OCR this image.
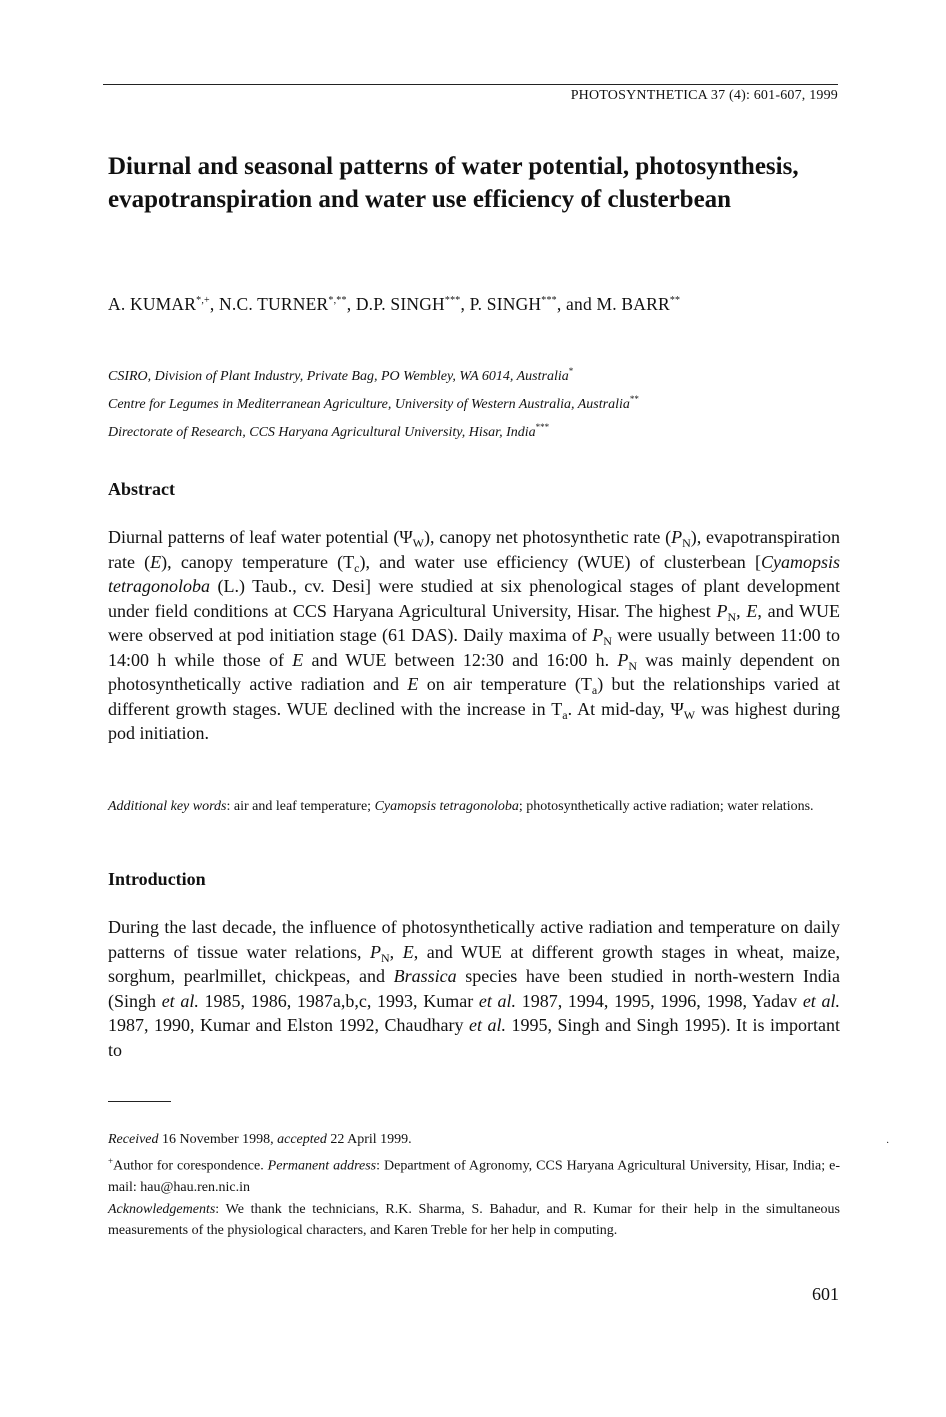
PHOTOSYNTHETICA 37 (4): 601-607, 1999
Diurnal and seasonal patterns of water potential, photosynthesis, evapotranspiration and water use efficiency of clusterbean
A. KUMAR*,+, N.C. TURNER*,**, D.P. SINGH***, P. SINGH***, and M. BARR**
CSIRO, Division of Plant Industry, Private Bag, PO Wembley, WA 6014, Australia*
Centre for Legumes in Mediterranean Agriculture, University of Western Australia, Australia**
Directorate of Research, CCS Haryana Agricultural University, Hisar, India***
Abstract

Diurnal patterns of leaf water potential $(\Psi_W)$, canopy net photosynthetic rate $(P_N)$, evapotranspiration rate (E), canopy temperature $(T_c)$, and water use efficiency (WUE) of clusterbean [Cyamopsis tetragonoloba (L.) Taub., cv. Desi] were studied at six phenological stages of plant development under field conditions at CCS Haryana Agricultural University, Hisar. The highest $P_N$, E, and WUE were observed at pod initiation stage (61 DAS). Daily maxima of $P_N$ were usually between 11:00 to 14:00 h while those of E and WUE between 12:30 and 16:00 h. $P_N$ was mainly dependent on photosynthetically active radiation and E on air temperature $(T_a)$ but the relationships varied at different growth stages. WUE declined with the increase in $T_a$. At mid-day, $\Psi_W$ was highest during pod initiation.

Additional key words: air and leaf temperature; Cyamopsis tetragonoloba; photosynthetically active radiation; water relations.

Introduction

During the last decade, the influence of photosynthetically active radiation and temperature on daily patterns of tissue water relations, $P_N$, E, and WUE at different growth stages in wheat, maize, sorghum, pearlmillet, chickpeas, and Brassica species have been studied in north-western India (Singh et al. 1985, 1986, 1987a,b,c, 1993, Kumar et al. 1987, 1994, 1995, 1996, 1998, Yadav et al. 1987, 1990, Kumar and Elston 1992, Chaudhary et al. 1995, Singh and Singh 1995). It is important to

Received 16 November 1998, accepted 22 April 1999.
+Author for corespondence. Permanent address: Department of Agronomy, CCS Haryana Agricultural University, Hisar, India; e-mail: hau@hau.ren.nic.in
Acknowledgements: We thank the technicians, R.K. Sharma, S. Bahadur, and R. Kumar for their help in the simultaneous measurements of the physiological characters, and Karen Treble for her help in computing.
·
601
